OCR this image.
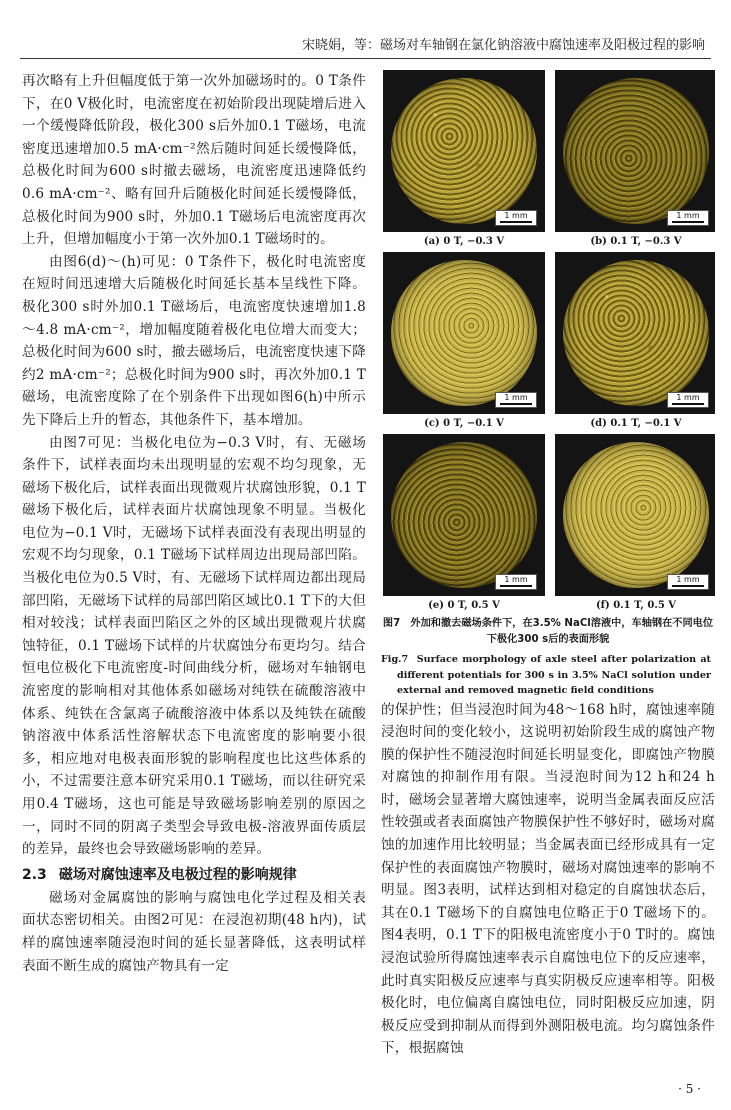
宋晓娟，等：磁场对车轴钢在氯化钠溶液中腐蚀速率及阳极过程的影响

再次略有上升但幅度低于第一次外加磁场时的。0 T条件下，在0 V极化时，电流密度在初始阶段出现陡增后进入一个缓慢降低阶段，极化300 s后外加0.1 T磁场，电流密度迅速增加0.5 mA·cm⁻²然后随时间延长缓慢降低，总极化时间为600 s时撤去磁场，电流密度迅速降低约0.6 mA·cm⁻²、略有回升后随极化时间延长缓慢降低，总极化时间为900 s时，外加0.1 T磁场后电流密度再次上升，但增加幅度小于第一次外加0.1 T磁场时的。

由图6(d)～(h)可见：0 T条件下，极化时电流密度在短时间迅速增大后随极化时间延长基本呈线性下降。极化300 s时外加0.1 T磁场后，电流密度快速增加1.8～4.8 mA·cm⁻²，增加幅度随着极化电位增大而变大；总极化时间为600 s时，撤去磁场后，电流密度快速下降约2 mA·cm⁻²；总极化时间为900 s时，再次外加0.1 T磁场，电流密度除了在个别条件下出现如图6(h)中所示先下降后上升的暂态，其他条件下，基本增加。

由图7可见：当极化电位为−0.3 V时，有、无磁场条件下，试样表面均未出现明显的宏观不均匀现象，无磁场下极化后，试样表面出现微观片状腐蚀形貌，0.1 T磁场下极化后，试样表面片状腐蚀现象不明显。当极化电位为−0.1 V时，无磁场下试样表面没有表现出明显的宏观不均匀现象，0.1 T磁场下试样周边出现局部凹陷。当极化电位为0.5 V时，有、无磁场下试样周边都出现局部凹陷，无磁场下试样的局部凹陷区域比0.1 T下的大但相对较浅；试样表面凹陷区之外的区域出现微观片状腐蚀特征，0.1 T磁场下试样的片状腐蚀分布更均匀。结合恒电位极化下电流密度-时间曲线分析，磁场对车轴钢电流密度的影响相对其他体系如磁场对纯铁在硫酸溶液中体系、纯铁在含氯离子硫酸溶液中体系以及纯铁在硫酸钠溶液中体系活性溶解状态下电流密度的影响要小很多，相应地对电极表面形貌的影响程度也比这些体系的小，不过需要注意本研究采用0.1 T磁场，而以往研究采用0.4 T磁场，这也可能是导致磁场影响差别的原因之一，同时不同的阴离子类型会导致电极-溶液界面传质层的差异，最终也会导致磁场影响的差异。

2.3 磁场对腐蚀速率及电极过程的影响规律

磁场对金属腐蚀的影响与腐蚀电化学过程及相关表面状态密切相关。由图2可见：在浸泡初期(48 h内)，试样的腐蚀速率随浸泡时间的延长显著降低，这表明试样表面不断生成的腐蚀产物具有一定

1 mm
(a) 0 T, −0.3 V
1 mm
(b) 0.1 T, −0.3 V
1 mm
(c) 0 T, −0.1 V
1 mm
(d) 0.1 T, −0.1 V
1 mm
(e) 0 T, 0.5 V
1 mm
(f) 0.1 T, 0.5 V

图7　外加和撤去磁场条件下，在3.5% NaCl溶液中，车轴钢在不同电位下极化300 s后的表面形貌

Fig.7 Surface morphology of axle steel after polarization at different potentials for 300 s in 3.5% NaCl solution under external and removed magnetic field conditions

的保护性；但当浸泡时间为48～168 h时，腐蚀速率随浸泡时间的变化较小，这说明初始阶段生成的腐蚀产物膜的保护性不随浸泡时间延长明显变化，即腐蚀产物膜对腐蚀的抑制作用有限。当浸泡时间为12 h和24 h时，磁场会显著增大腐蚀速率，说明当金属表面反应活性较强或者表面腐蚀产物膜保护性不够好时，磁场对腐蚀的加速作用比较明显；当金属表面已经形成具有一定保护性的表面腐蚀产物膜时，磁场对腐蚀速率的影响不明显。图3表明，试样达到相对稳定的自腐蚀状态后，其在0.1 T磁场下的自腐蚀电位略正于0 T磁场下的。图4表明，0.1 T下的阳极电流密度小于0 T时的。腐蚀浸泡试验所得腐蚀速率表示自腐蚀电位下的反应速率，此时真实阳极反应速率与真实阴极反应速率相等。阳极极化时，电位偏离自腐蚀电位，同时阳极反应加速，阴极反应受到抑制从而得到外测阳极电流。均匀腐蚀条件下，根据腐蚀

· 5 ·
